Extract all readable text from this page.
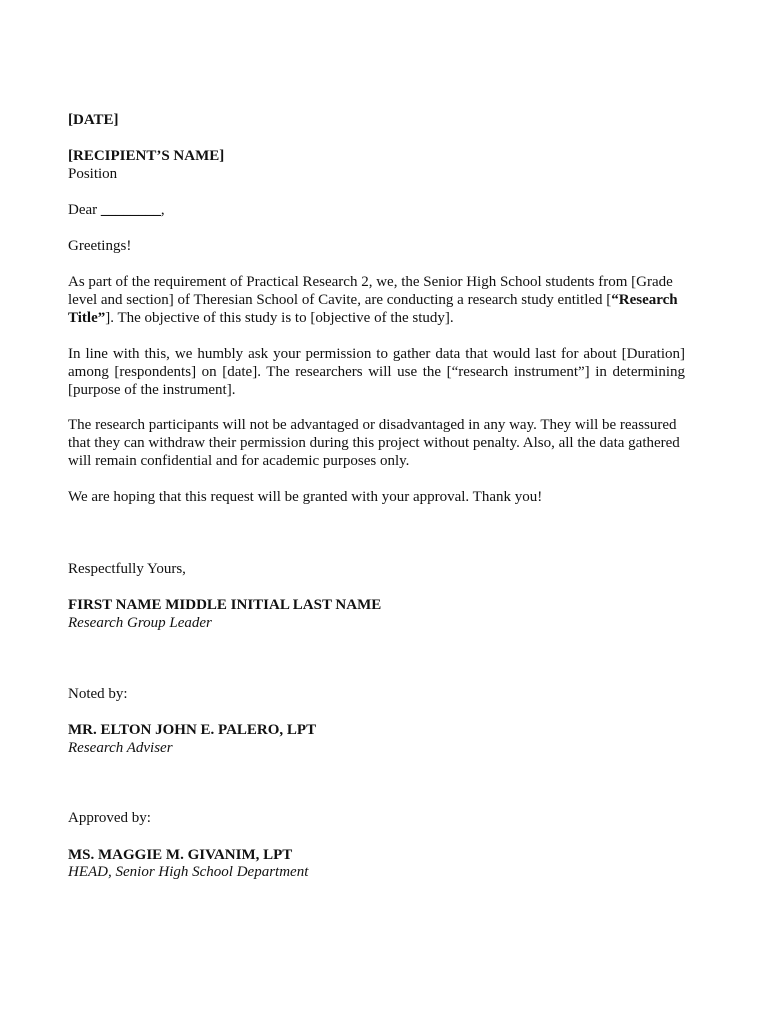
[DATE]
[RECIPIENT’S NAME]
Position
Dear ________,
Greetings!
As part of the requirement of Practical Research 2, we, the Senior High School students from [Grade level and section] of Theresian School of Cavite, are conducting a research study entitled [“Research Title”]. The objective of this study is to [objective of the study].
In line with this, we humbly ask your permission to gather data that would last for about [Duration] among [respondents] on [date]. The researchers will use the [“research instrument”] in determining [purpose of the instrument].
The research participants will not be advantaged or disadvantaged in any way. They will be reassured that they can withdraw their permission during this project without penalty. Also, all the data gathered will remain confidential and for academic purposes only.
We are hoping that this request will be granted with your approval. Thank you!
Respectfully Yours,
FIRST NAME MIDDLE INITIAL LAST NAME
Research Group Leader
Noted by:
MR. ELTON JOHN E. PALERO, LPT
Research Adviser
Approved by:
MS. MAGGIE M. GIVANIM, LPT
HEAD, Senior High School Department
